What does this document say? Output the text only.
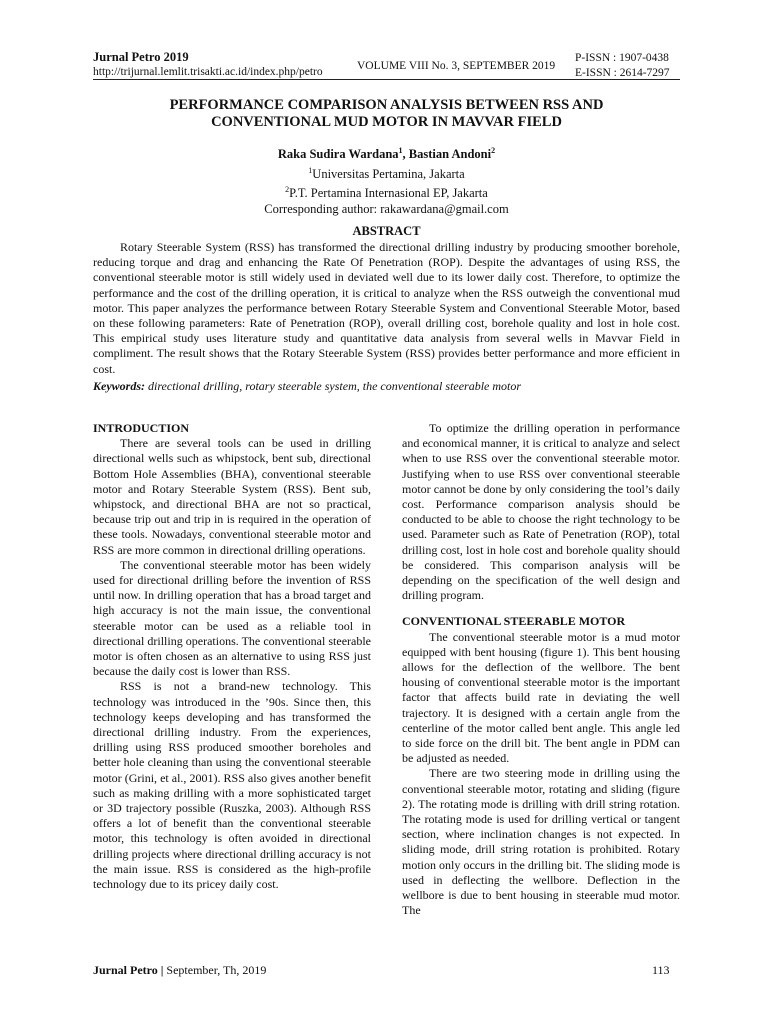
Jurnal Petro 2019
http://trijurnal.lemlit.trisakti.ac.id/index.php/petro	VOLUME VIII No. 3, SEPTEMBER 2019
P-ISSN : 1907-0438
E-ISSN : 2614-7297
PERFORMANCE COMPARISON ANALYSIS BETWEEN RSS AND
CONVENTIONAL MUD MOTOR IN MAVVAR FIELD
Raka Sudira Wardana$^1$, Bastian Andoni$^2$
$^1$Universitas Pertamina, Jakarta
$^2$P.T. Pertamina Internasional EP, Jakarta
Corresponding author: rakawardana@gmail.com
ABSTRACT

Rotary Steerable System (RSS) has transformed the directional drilling industry by producing smoother borehole, reducing torque and drag and enhancing the Rate Of Penetration (ROP). Despite the advantages of using RSS, the conventional steerable motor is still widely used in deviated well due to its lower daily cost. Therefore, to optimize the performance and the cost of the drilling operation, it is critical to analyze when the RSS outweigh the conventional mud motor. This paper analyzes the performance between Rotary Steerable System and Conventional Steerable Motor, based on these following parameters: Rate of Penetration (ROP), overall drilling cost, borehole quality and lost in hole cost. This empirical study uses literature study and quantitative data analysis from several wells in Mavvar Field in compliment. The result shows that the Rotary Steerable System (RSS) provides better performance and more efficient in cost.

Keywords: directional drilling, rotary steerable system, the conventional steerable motor
INTRODUCTION

There are several tools can be used in drilling directional wells such as whipstock, bent sub, directional Bottom Hole Assemblies (BHA), conventional steerable motor and Rotary Steerable System (RSS). Bent sub, whipstock, and directional BHA are not so practical, because trip out and trip in is required in the operation of these tools. Nowadays, conventional steerable motor and RSS are more common in directional drilling operations.

The conventional steerable motor has been widely used for directional drilling before the invention of RSS until now. In drilling operation that has a broad target and high accuracy is not the main issue, the conventional steerable motor can be used as a reliable tool in directional drilling operations. The conventional steerable motor is often chosen as an alternative to using RSS just because the daily cost is lower than RSS.

RSS is not a brand-new technology. This technology was introduced in the ’90s. Since then, this technology keeps developing and has transformed the directional drilling industry. From the experiences, drilling using RSS produced smoother boreholes and better hole cleaning than using the conventional steerable motor (Grini, et al., 2001). RSS also gives another benefit such as making drilling with a more sophisticated target or 3D trajectory possible (Ruszka, 2003). Although RSS offers a lot of benefit than the conventional steerable motor, this technology is often avoided in directional drilling projects where directional drilling accuracy is not the main issue. RSS is considered as the high-profile technology due to its pricey daily cost.

To optimize the drilling operation in performance and economical manner, it is critical to analyze and select when to use RSS over the conventional steerable motor. Justifying when to use RSS over conventional steerable motor cannot be done by only considering the tool’s daily cost. Performance comparison analysis should be conducted to be able to choose the right technology to be used. Parameter such as Rate of Penetration (ROP), total drilling cost, lost in hole cost and borehole quality should be considered. This comparison analysis will be depending on the specification of the well design and drilling program.

CONVENTIONAL STEERABLE MOTOR

The conventional steerable motor is a mud motor equipped with bent housing (figure 1). This bent housing allows for the deflection of the wellbore. The bent housing of conventional steerable motor is the important factor that affects build rate in deviating the well trajectory. It is designed with a certain angle from the centerline of the motor called bent angle. This angle led to side force on the drill bit. The bent angle in PDM can be adjusted as needed.

There are two steering mode in drilling using the conventional steerable motor, rotating and sliding (figure 2). The rotating mode is drilling with drill string rotation. The rotating mode is used for drilling vertical or tangent section, where inclination changes is not expected. In sliding mode, drill string rotation is prohibited. Rotary motion only occurs in the drilling bit. The sliding mode is used in deflecting the wellbore. Deflection in the wellbore is due to bent housing in steerable mud motor. The

Jurnal Petro | September, Th, 2019	113
